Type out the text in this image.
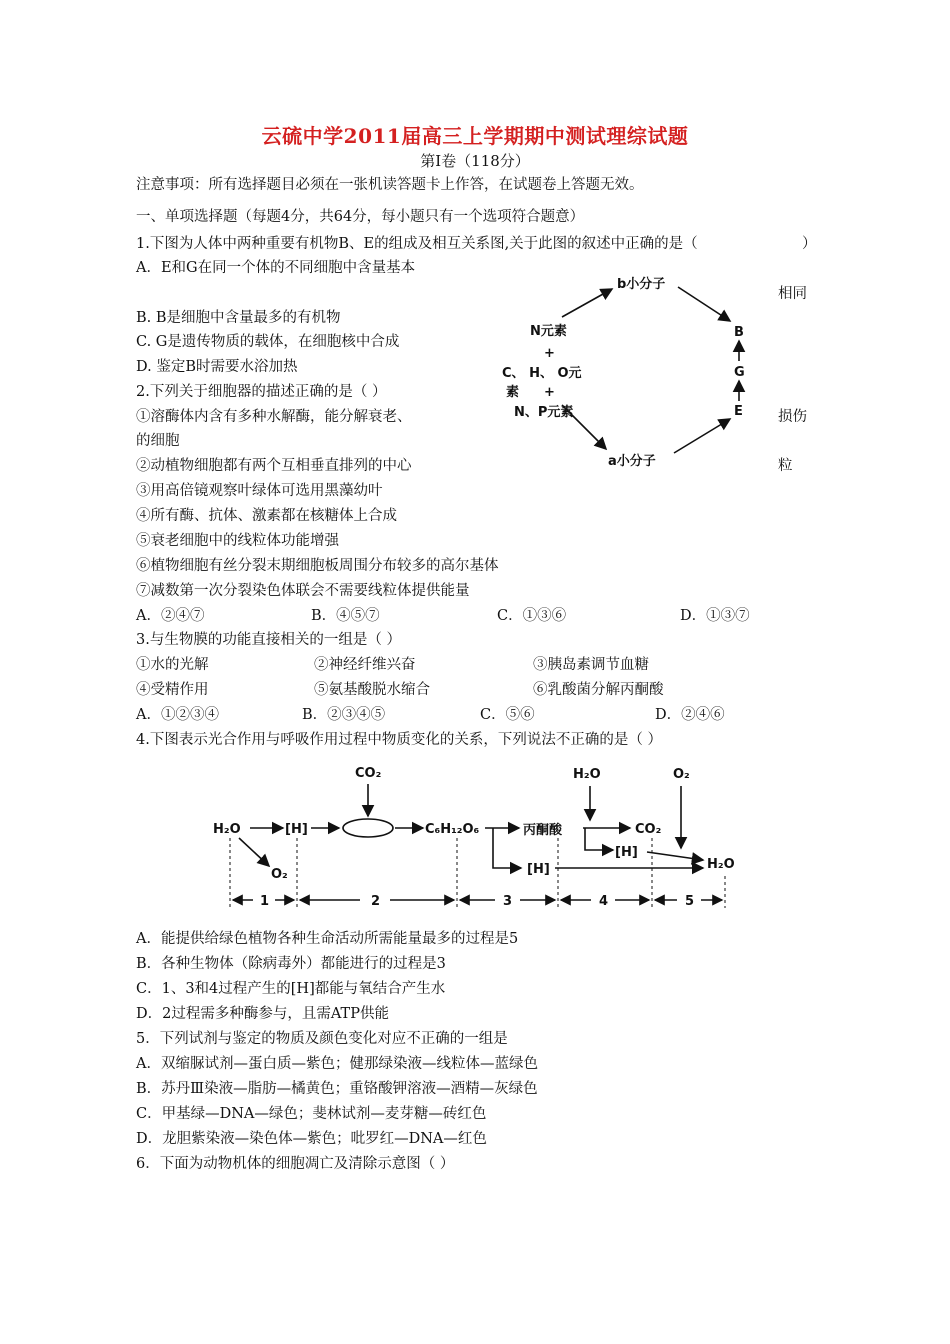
云硫中学2011届高三上学期期中测试理综试题
第Ⅰ卷（118分）
注意事项：所有选择题目必须在一张机读答题卡上作答，在试题卷上答题无效。
一、单项选择题（每题4分，共64分，每小题只有一个选项符合题意）
1.下图为人体中两种重要有机物B、E的组成及相互关系图,关于此图的叙述中正确的是（	）
A．E和G在同一个体的不同细胞中含量基本
相同
B. B是细胞中含量最多的有机物
C. G是遗传物质的载体，在细胞核中合成
D. 鉴定B时需要水浴加热
b小分子
a小分子
N元素
+
C、 H、 O元
素 +
N、P元素
B
G
E
2.下列关于细胞器的描述正确的是（ ）
①溶酶体内含有多种水解酶，能分解衰老、	损伤
的细胞
②动植物细胞都有两个互相垂直排列的中心	粒
③用高倍镜观察叶绿体可选用黑藻幼叶
④所有酶、抗体、激素都在核糖体上合成
⑤衰老细胞中的线粒体功能增强
⑥植物细胞有丝分裂末期细胞板周围分布较多的高尔基体
⑦减数第一次分裂染色体联会不需要线粒体提供能量
A．②④⑦	B．④⑤⑦	C．①③⑥	D．①③⑦
3.与生物膜的功能直接相关的一组是（ ）
①水的光解	②神经纤维兴奋	③胰岛素调节血糖
④受精作用	⑤氨基酸脱水缩合	⑥乳酸菌分解丙酮酸
A．①②③④	B．②③④⑤	C．⑤⑥	D．②④⑥
4.下图表示光合作用与呼吸作用过程中物质变化的关系，下列说法不正确的是（ ）
CO₂
H₂O	[H]	C₆H₁₂O₆
O₂
丙酮酸
[H]
H₂O	O₂
CO₂
[H]
H₂O
1	2	3	4	5
A．能提供给绿色植物各种生命活动所需能量最多的过程是5
B．各种生物体（除病毒外）都能进行的过程是3
C．1、3和4过程产生的[H]都能与氧结合产生水
D．2过程需多种酶参与，且需ATP供能
5．下列试剂与鉴定的物质及颜色变化对应不正确的一组是
A．双缩脲试剂—蛋白质—紫色；健那绿染液—线粒体—蓝绿色
B．苏丹Ⅲ染液—脂肪—橘黄色；重铬酸钾溶液—酒精—灰绿色
C．甲基绿—DNA—绿色；斐林试剂—麦芽糖—砖红色
D．龙胆紫染液—染色体—紫色；吡罗红—DNA—红色
6．下面为动物机体的细胞凋亡及清除示意图（ ）
